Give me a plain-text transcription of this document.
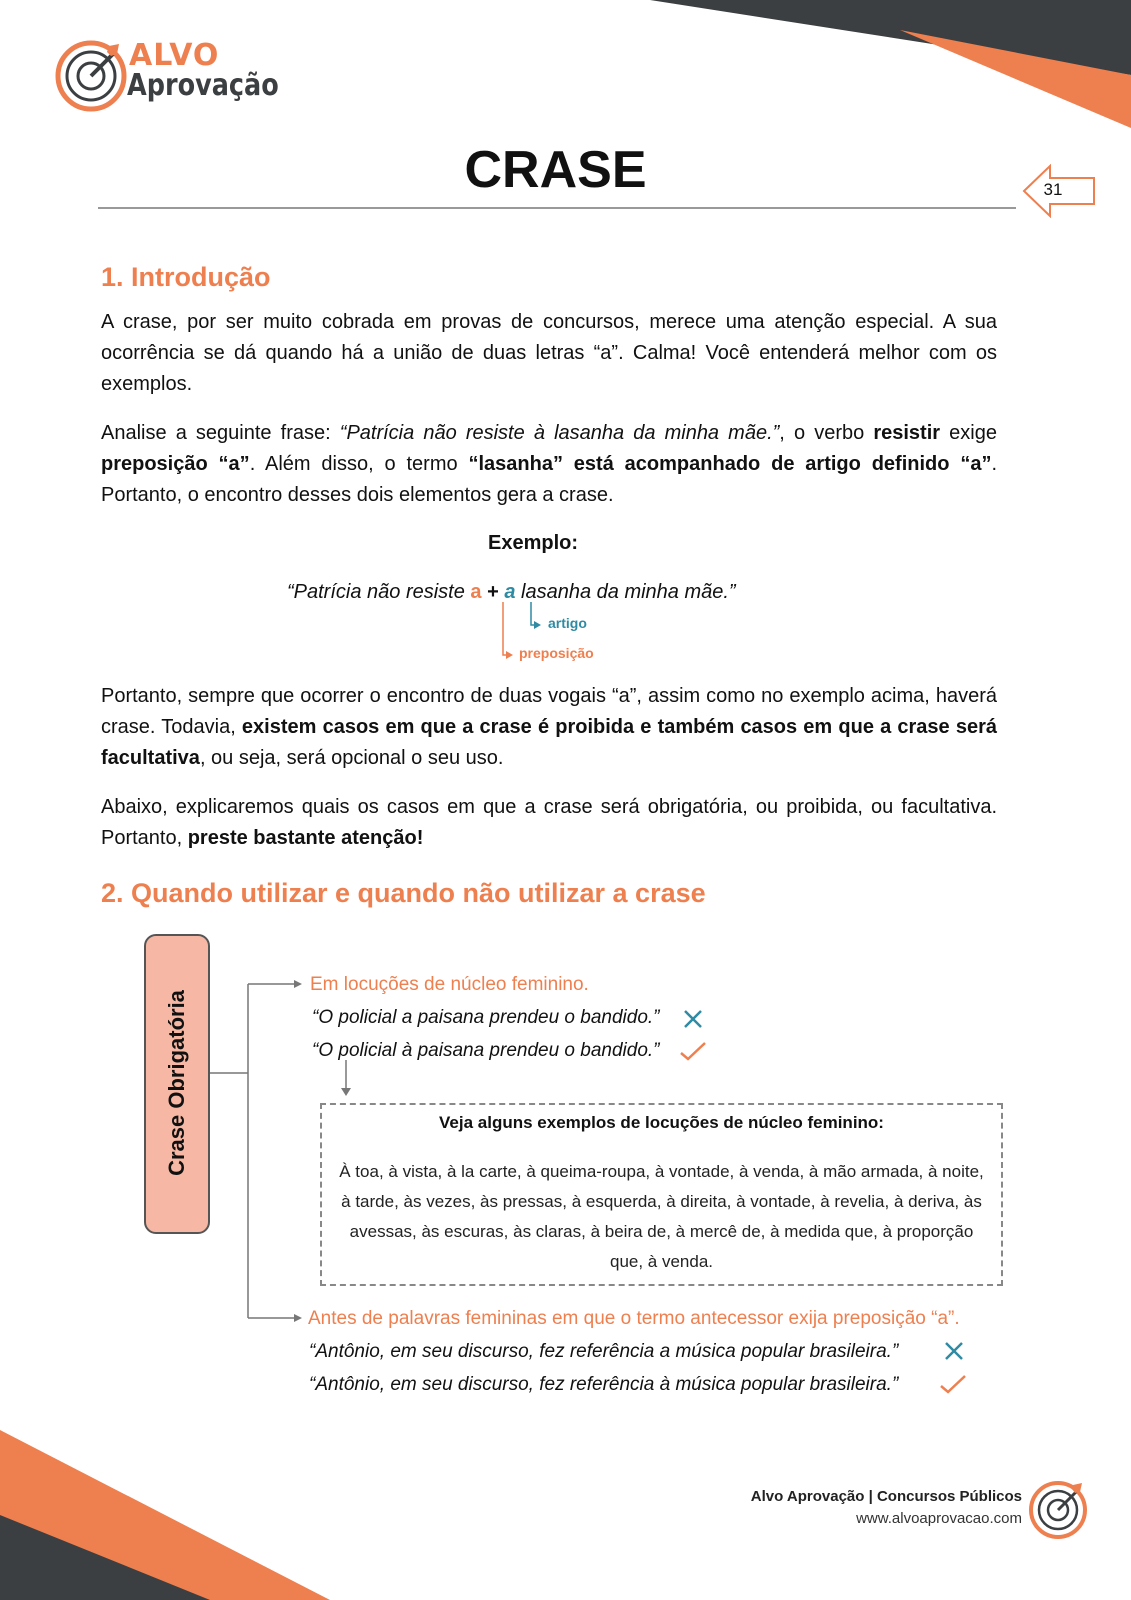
ALVO
Aprovação
CRASE	31
1. Introdução
A crase, por ser muito cobrada em provas de concursos, merece uma atenção especial. A sua ocorrência se dá quando há a união de duas letras “a”. Calma! Você entenderá melhor com os exemplos.
Analise a seguinte frase: “Patrícia não resiste à lasanha da minha mãe.”, o verbo resistir exige preposição “a”. Além disso, o termo “lasanha” está acompanhado de artigo definido “a”. Portanto, o encontro desses dois elementos gera a crase.
Exemplo:
“Patrícia não resiste a + a lasanha da minha mãe.”
artigo
preposição
Portanto, sempre que ocorrer o encontro de duas vogais “a”, assim como no exemplo acima, haverá crase. Todavia, existem casos em que a crase é proibida e também casos em que a crase será facultativa, ou seja, será opcional o seu uso.
Abaixo, explicaremos quais os casos em que a crase será obrigatória, ou proibida, ou facultativa. Portanto, preste bastante atenção!
2. Quando utilizar e quando não utilizar a crase
Crase Obrigatória
Em locuções de núcleo feminino.
“O policial a paisana prendeu o bandido.”
“O policial à paisana prendeu o bandido.”
Veja alguns exemplos de locuções de núcleo feminino:
À toa, à vista, à la carte, à queima-roupa, à vontade, à venda, à mão armada, à noite, à tarde, às vezes, às pressas, à esquerda, à direita, à vontade, à revelia, à deriva, às avessas, às escuras, às claras, à beira de, à mercê de, à medida que, à proporção que, à venda.
Antes de palavras femininas em que o termo antecessor exija preposição “a”.
“Antônio, em seu discurso, fez referência a música popular brasileira.”
“Antônio, em seu discurso, fez referência à música popular brasileira.”
Alvo Aprovação | Concursos Públicos
www.alvoaprovacao.com
